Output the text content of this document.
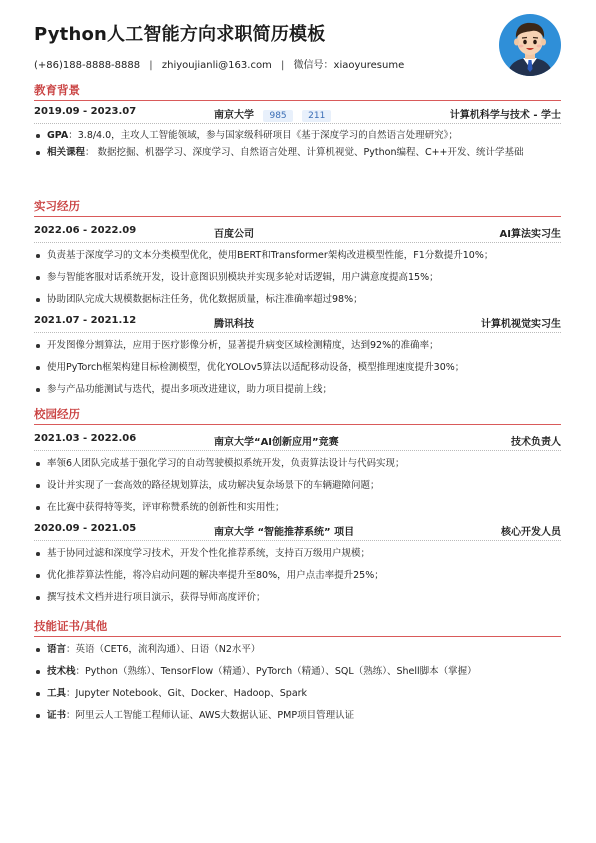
Python人工智能方向求职简历模板
(+86)188-8888-8888 | zhiyoujianli@163.com | 微信号：xiaoyuresume
教育背景
2019.09 - 2023.07	南京大学 985 211	计算机科学与技术 - 学士
GPA：3.8/4.0，主攻人工智能领域，参与国家级科研项目《基于深度学习的自然语言处理研究》；
相关课程： 数据挖掘、机器学习、深度学习、自然语言处理、计算机视觉、Python编程、C++开发、统计学基础
实习经历
2022.06 - 2022.09	百度公司	AI算法实习生
负责基于深度学习的文本分类模型优化，使用BERT和Transformer架构改进模型性能，F1分数提升10%；
参与智能客服对话系统开发，设计意图识别模块并实现多轮对话逻辑，用户满意度提高15%；
协助团队完成大规模数据标注任务，优化数据质量，标注准确率超过98%；
2021.07 - 2021.12	腾讯科技	计算机视觉实习生
开发图像分割算法，应用于医疗影像分析，显著提升病变区域检测精度，达到92%的准确率；
使用PyTorch框架构建目标检测模型，优化YOLOv5算法以适配移动设备，模型推理速度提升30%；
参与产品功能测试与迭代，提出多项改进建议，助力项目提前上线；
校园经历
2021.03 - 2022.06	南京大学“AI创新应用”竞赛	技术负责人
率领6人团队完成基于强化学习的自动驾驶模拟系统开发，负责算法设计与代码实现；
设计并实现了一套高效的路径规划算法，成功解决复杂场景下的车辆避障问题；
在比赛中获得特等奖，评审称赞系统的创新性和实用性；
2020.09 - 2021.05	南京大学 “智能推荐系统” 项目	核心开发人员
基于协同过滤和深度学习技术，开发个性化推荐系统，支持百万级用户规模；
优化推荐算法性能，将冷启动问题的解决率提升至80%，用户点击率提升25%；
撰写技术文档并进行项目演示，获得导师高度评价；
技能证书/其他
语言：英语（CET6，流利沟通）、日语（N2水平）
技术栈：Python（熟练）、TensorFlow（精通）、PyTorch（精通）、SQL（熟练）、Shell脚本（掌握）
工具：Jupyter Notebook、Git、Docker、Hadoop、Spark
证书：阿里云人工智能工程师认证、AWS大数据认证、PMP项目管理认证
